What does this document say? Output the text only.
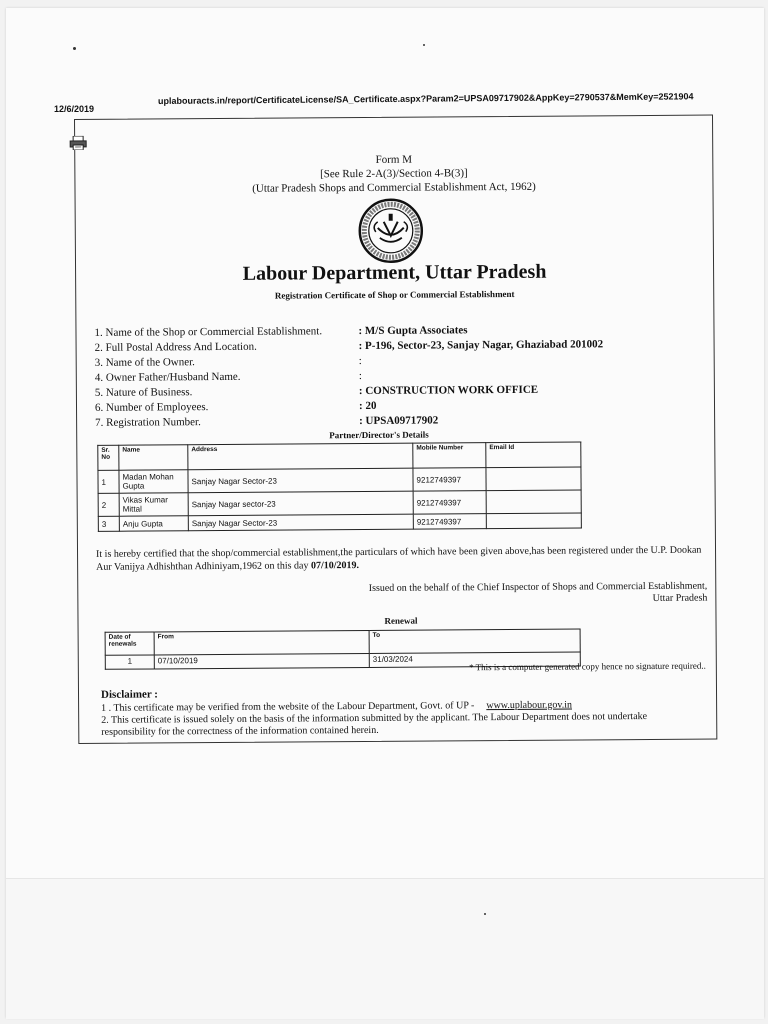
12/6/2019
uplabouracts.in/report/CertificateLicense/SA_Certificate.aspx?Param2=UPSA09717902&AppKey=2790537&MemKey=2521904
Form M
[See Rule 2-A(3)/Section 4-B(3)]
(Uttar Pradesh Shops and Commercial Establishment Act, 1962)
Labour Department, Uttar Pradesh
Registration Certificate of Shop or Commercial Establishment
1. Name of the Shop or Commercial Establishment.	: M/S Gupta Associates
2. Full Postal Address And Location.	: P-196, Sector-23, Sanjay Nagar, Ghaziabad 201002
3. Name of the Owner.	:
4. Owner Father/Husband Name.	:
5. Nature of Business.	: CONSTRUCTION WORK OFFICE
6. Number of Employees.	: 20
7. Registration Number.	: UPSA09717902
Partner/Director's Details
Sr. No	Name	Address	Mobile Number	Email Id
1	Madan Mohan Gupta	Sanjay Nagar Sector-23	9212749397	
2	Vikas Kumar Mittal	Sanjay Nagar sector-23	9212749397	
3	Anju Gupta	Sanjay Nagar Sector-23	9212749397	
It is hereby certified that the shop/commercial establishment,the particulars of which have been given above,has been registered under the U.P. Dookan Aur Vanijya Adhishthan Adhiniyam,1962 on this day 07/10/2019.
Issued on the behalf of the Chief Inspector of Shops and Commercial Establishment,
Uttar Pradesh
Renewal
Date of renewals	From	To
1	07/10/2019	31/03/2024
* This is a computer generated copy hence no signature required..
Disclaimer :
1 . This certificate may be verified from the website of the Labour Department, Govt. of UP - www.uplabour.gov.in
2. This certificate is issued solely on the basis of the information submitted by the applicant. The Labour Department does not undertake responsibility for the correctness of the information contained herein.
